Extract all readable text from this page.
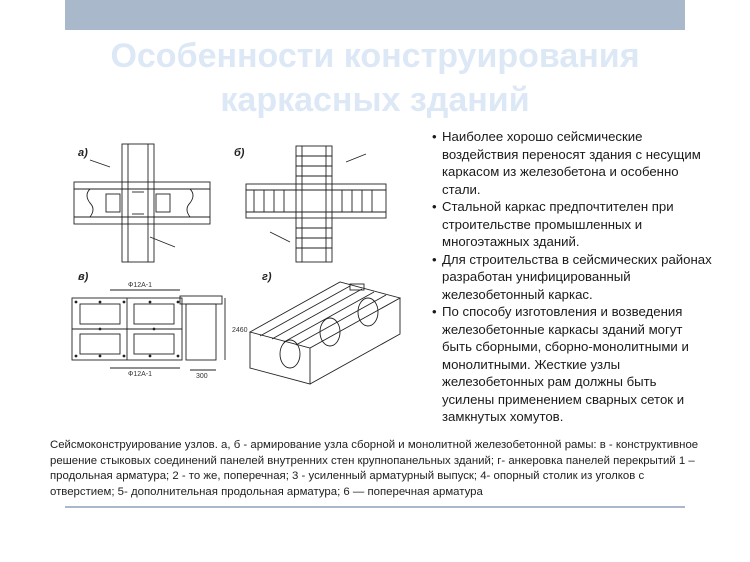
Особенности конструирования
каркасных зданий
а)	б)
в)
Ф12А-1
Ф12А-1	300
2460
г)
• Наиболее хорошо сейсмические воздействия переносят здания с несущим каркасом из железобетона и особенно стали.
• Стальной каркас предпочтителен при строительстве промышленных и многоэтажных зданий.
• Для строительства в сейсмических районах разработан унифицированный железобетонный каркас.
• По способу изготовления и возведения железобетонные каркасы зданий могут быть сборными, сборно-монолитными и монолитными. Жесткие узлы железобетонных рам должны быть усилены применением сварных сеток и замкнутых хомутов.
Сейсмоконструирование узлов. а, б - армирование узла сборной и монолитной железобетонной рамы: в - конструктивное решение стыковых соединений панелей внутренних стен крупнопанельных зданий; г- анкеровка панелей перекрытий 1 – продольная арматура; 2 - то же, поперечная; 3 - усиленный арматурный выпуск; 4- опорный столик из уголков с отверстием; 5- дополнительная продольная арматура; 6 — поперечная арматура
